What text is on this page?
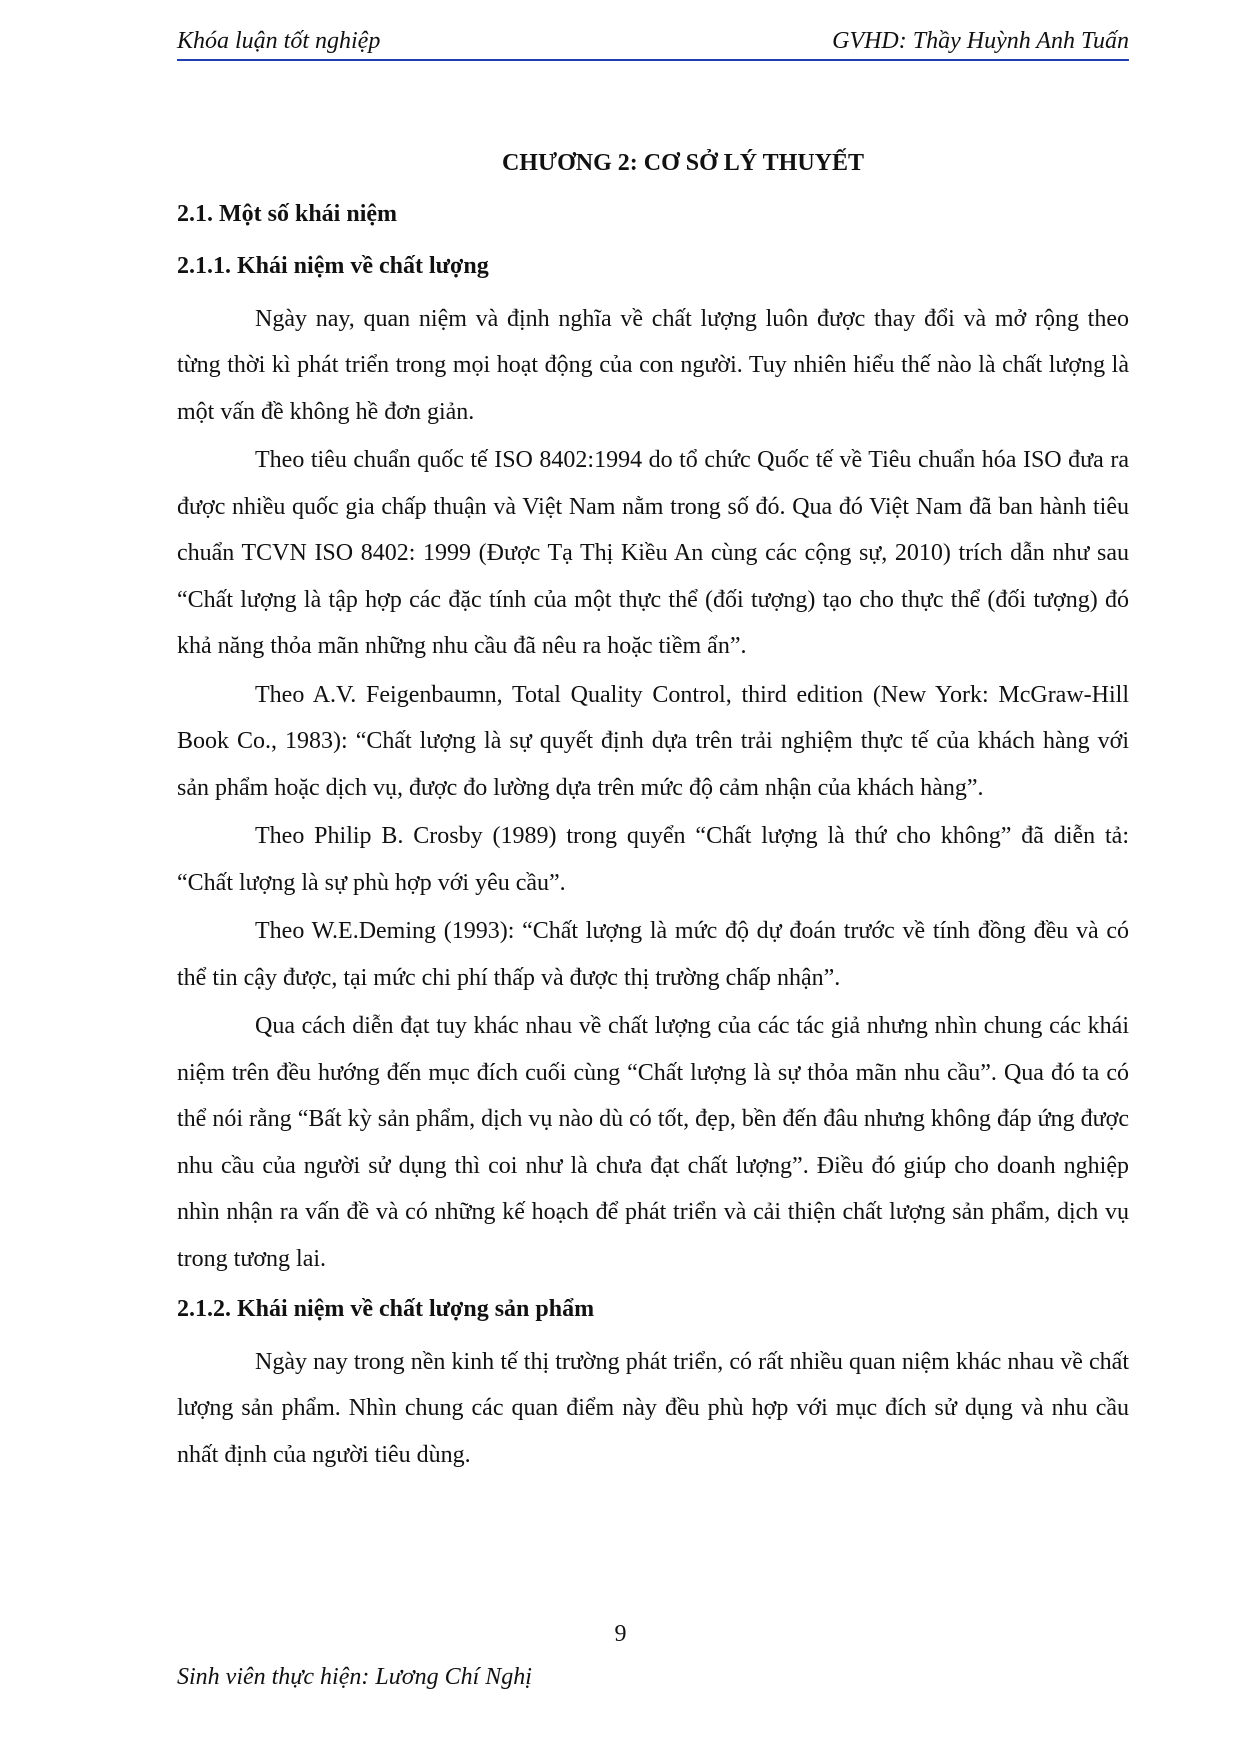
Khóa luận tốt nghiệp	GVHD: Thầy Huỳnh Anh Tuấn
CHƯƠNG 2: CƠ SỞ LÝ THUYẾT
2.1. Một số khái niệm
2.1.1. Khái niệm về chất lượng

Ngày nay, quan niệm và định nghĩa về chất lượng luôn được thay đổi và mở rộng theo từng thời kì phát triển trong mọi hoạt động của con người. Tuy nhiên hiểu thế nào là chất lượng là một vấn đề không hề đơn giản.

Theo tiêu chuẩn quốc tế ISO 8402:1994 do tổ chức Quốc tế về Tiêu chuẩn hóa ISO đưa ra được nhiều quốc gia chấp thuận và Việt Nam nằm trong số đó. Qua đó Việt Nam đã ban hành tiêu chuẩn TCVN ISO 8402: 1999 (Được Tạ Thị Kiều An cùng các cộng sự, 2010) trích dẫn như sau “Chất lượng là tập hợp các đặc tính của một thực thể (đối tượng) tạo cho thực thể (đối tượng) đó khả năng thỏa mãn những nhu cầu đã nêu ra hoặc tiềm ẩn”.

Theo A.V. Feigenbaumn, Total Quality Control, third edition (New York: McGraw-Hill Book Co., 1983): “Chất lượng là sự quyết định dựa trên trải nghiệm thực tế của khách hàng với sản phẩm hoặc dịch vụ, được đo lường dựa trên mức độ cảm nhận của khách hàng”.

Theo Philip B. Crosby (1989) trong quyển “Chất lượng là thứ cho không” đã diễn tả: “Chất lượng là sự phù hợp với yêu cầu”.

Theo W.E.Deming (1993): “Chất lượng là mức độ dự đoán trước về tính đồng đều và có thể tin cậy được, tại mức chi phí thấp và được thị trường chấp nhận”.

Qua cách diễn đạt tuy khác nhau về chất lượng của các tác giả nhưng nhìn chung các khái niệm trên đều hướng đến mục đích cuối cùng “Chất lượng là sự thỏa mãn nhu cầu”. Qua đó ta có thể nói rằng “Bất kỳ sản phẩm, dịch vụ nào dù có tốt, đẹp, bền đến đâu nhưng không đáp ứng được nhu cầu của người sử dụng thì coi như là chưa đạt chất lượng”. Điều đó giúp cho doanh nghiệp nhìn nhận ra vấn đề và có những kế hoạch để phát triển và cải thiện chất lượng sản phẩm, dịch vụ trong tương lai.

2.1.2. Khái niệm về chất lượng sản phẩm

Ngày nay trong nền kinh tế thị trường phát triển, có rất nhiều quan niệm khác nhau về chất lượng sản phẩm. Nhìn chung các quan điểm này đều phù hợp với mục đích sử dụng và nhu cầu nhất định của người tiêu dùng.

9
Sinh viên thực hiện: Lương Chí Nghị
